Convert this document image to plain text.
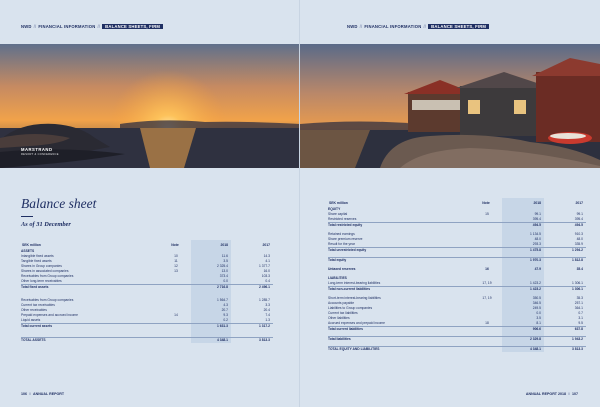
NWD // FINANCIAL INFORMATION // BALANCE SHEETS, FIRM
MARSTRAND
RESORT & CONFERENCE
Balance sheet
As of 31 December
SEK million	Note	2018	2017
ASSETS			
Intangible fixed assets	10	11.6	14.3
Tangible fixed assets	11	3.5	4.1
Shares in Group companies	12	2 325.4	1 377.7
Shares in associated companies	13	13.0	16.0
Receivables from Group companies		373.4	103.3
Other long-term receivables		0.0	0.4
Total fixed assets		2 716.8	2 496.1

Receivables from Group companies		1 564.7	1 285.7
Current tax receivables		4.3	3.3
Other receivables		20.7	20.4
Prepaid expenses and accrued income	14	9.3	7.4
Liquid assets		0.2	1.3
Total current assets		1 631.3	1 317.2

TOTAL ASSETS		4 348.1	3 813.3
106 // ANNUAL REPORT
NWD // FINANCIAL INFORMATION // BALANCE SHEETS, FIRM
SEK million	Note	2018	2017
EQUITY			
Share capital	15	99.1	99.1
Restricted reserves		395.4	395.4
Total restricted equity		494.5	494.5

Retained earnings		1 134.5	910.3
Share premium reserve		48.0	48.0
Result for the year		293.3	335.9
Total unrestricted equity		1 475.8	1 294.2

Total equity		1 970.3	1 812.8

Untaxed reserves	16	47.9	35.4

LIABILITIES			
Long-term interest-bearing liabilities	17, 19	1 423.2	1 306.1
Total non-current liabilities		1 423.2	1 306.1

Short-term interest-bearing liabilities	17, 19	350.5	35.3
Accounts payable		346.5	257.1
Liabilities to Group companies		249.5	364.1
Current tax liabilities		0.0	0.7
Other liabilities		3.5	3.1
Accrued expenses and prepaid income	18	8.1	9.5
Total current liabilities		906.6	637.8

Total liabilities		2 329.8	1 943.2

TOTAL EQUITY AND LIABILITIES		4 348.1	3 813.3
ANNUAL REPORT 2018 // 107
